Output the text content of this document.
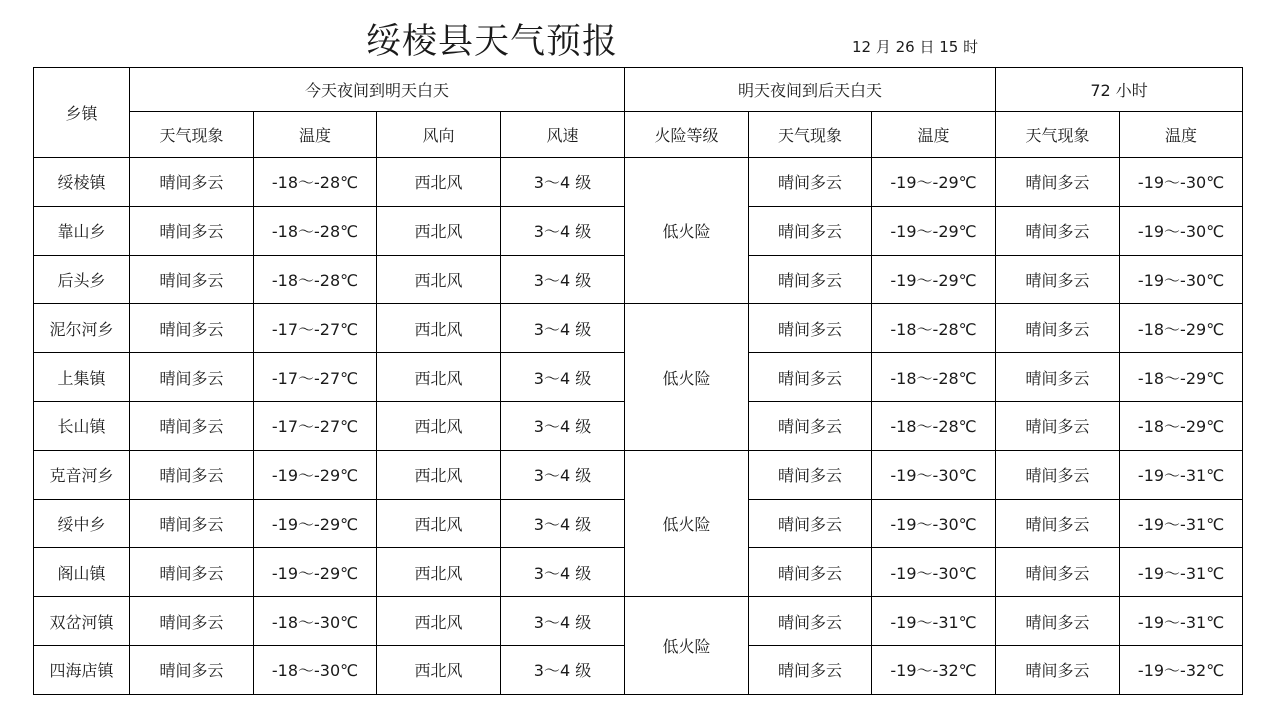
绥棱县天气预报	12 月 26 日 15 时
乡镇	今天夜间到明天白天				明天夜间到后天白天			72 小时	
	天气现象	温度	风向	风速	火险等级	天气现象	温度	天气现象	温度
绥棱镇	晴间多云	-18～-28℃	西北风	3～4 级	低火险	晴间多云	-19～-29℃	晴间多云	-19～-30℃
靠山乡	晴间多云	-18～-28℃	西北风	3～4 级		晴间多云	-19～-29℃	晴间多云	-19～-30℃
后头乡	晴间多云	-18～-28℃	西北风	3～4 级		晴间多云	-19～-29℃	晴间多云	-19～-30℃
泥尔河乡	晴间多云	-17～-27℃	西北风	3～4 级	低火险	晴间多云	-18～-28℃	晴间多云	-18～-29℃
上集镇	晴间多云	-17～-27℃	西北风	3～4 级		晴间多云	-18～-28℃	晴间多云	-18～-29℃
长山镇	晴间多云	-17～-27℃	西北风	3～4 级		晴间多云	-18～-28℃	晴间多云	-18～-29℃
克音河乡	晴间多云	-19～-29℃	西北风	3～4 级	低火险	晴间多云	-19～-30℃	晴间多云	-19～-31℃
绥中乡	晴间多云	-19～-29℃	西北风	3～4 级		晴间多云	-19～-30℃	晴间多云	-19～-31℃
阁山镇	晴间多云	-19～-29℃	西北风	3～4 级		晴间多云	-19～-30℃	晴间多云	-19～-31℃
双岔河镇	晴间多云	-18～-30℃	西北风	3～4 级	低火险	晴间多云	-19～-31℃	晴间多云	-19～-31℃
四海店镇	晴间多云	-18～-30℃	西北风	3～4 级		晴间多云	-19～-32℃	晴间多云	-19～-32℃
